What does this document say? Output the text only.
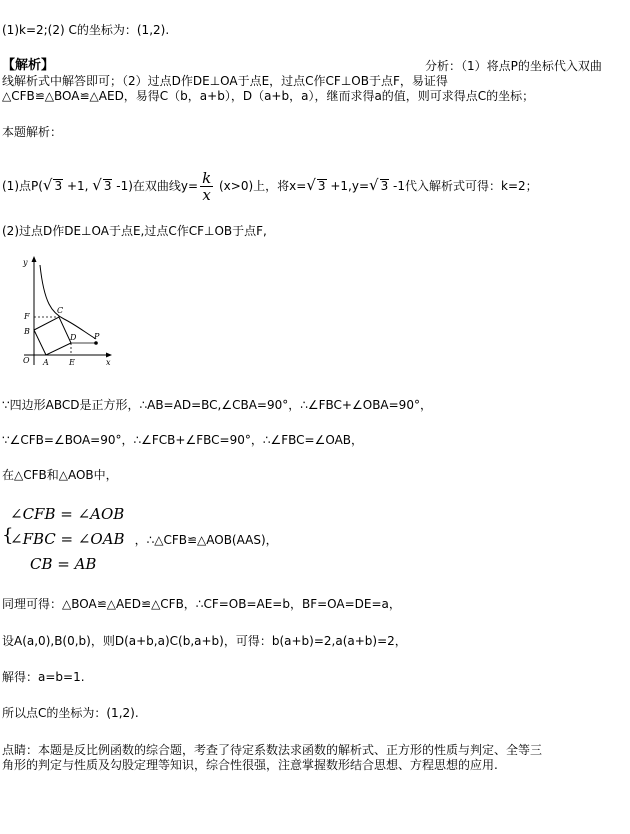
(1)k=2;(2) C的坐标为：(1,2).
【解析】	分析：（1）将点P的坐标代入双曲
线解析式中解答即可；（2）过点D作DE⊥OA于点E，过点C作CF⊥OB于点F，易证得
△CFB≌△BOA≌△AED，易得C（b，a+b），D（a+b，a），继而求得a的值，则可求得点C的坐标；
本题解析：
(1)点P(√ 3 +1, √ 3 -1)在双曲线$y= \frac{k}{x} (x>0)$上，将x=√ 3 +1,y=√ 3 -1代入解析式可得：k=2；
(2)过点D作DE⊥OA于点E,过点C作CF⊥OB于点F,
y
x
O A	E
B
F
C
D P
∵四边形ABCD是正方形，∴AB=AD=BC,∠CBA=90°，∴∠FBC+∠OBA=90°，
∵∠CFB=∠BOA=90°，∴∠FCB+∠FBC=90°，∴∠FBC=∠OAB，
在△CFB和△AOB中，
∠CFB = ∠AOB
{
∠FBC = ∠OAB ，∴△CFB≌△AOB(AAS)，
CB = AB
同理可得：△BOA≌△AED≌△CFB，∴CF=OB=AE=b，BF=OA=DE=a，
设A(a,0),B(0,b)，则D(a+b,a)C(b,a+b)，可得：b(a+b)=2,a(a+b)=2，
解得：a=b=1.
所以点C的坐标为：(1,2).
点睛：本题是反比例函数的综合题，考查了待定系数法求函数的解析式、正方形的性质与判定、全等三
角形的判定与性质及勾股定理等知识，综合性很强，注意掌握数形结合思想、方程思想的应用.
